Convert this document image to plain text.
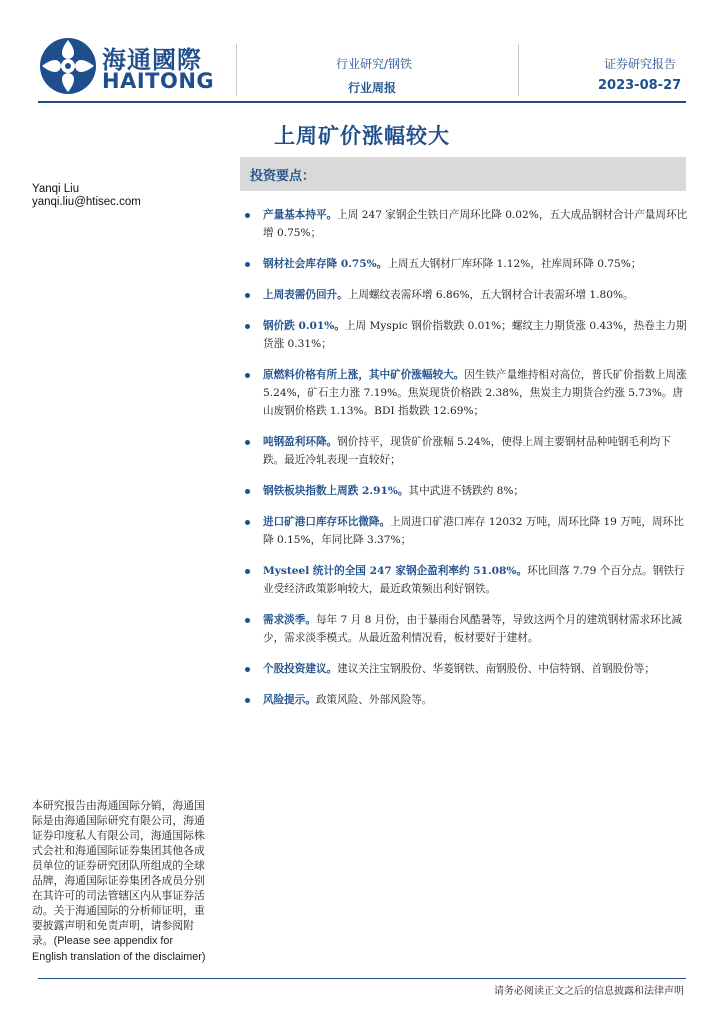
海通國際
HAITONG
行业研究/钢铁
行业周报
证券研究报告
2023-08-27
上周矿价涨幅较大
投资要点：
Yanqi Liu
yanqi.liu@htisec.com
产量基本持平。上周 247 家钢企生铁日产周环比降 0.02%，五大成品钢材合计产量周环比增 0.75%；
钢材社会库存降 0.75%。上周五大钢材厂库环降 1.12%，社库周环降 0.75%；
上周表需仍回升。上周螺纹表需环增 6.86%，五大钢材合计表需环增 1.80%。
钢价跌 0.01%。上周 Myspic 钢价指数跌 0.01%；螺纹主力期货涨 0.43%，热卷主力期货涨 0.31%；
原燃料价格有所上涨，其中矿价涨幅较大。因生铁产量维持相对高位，普氏矿价指数上周涨 5.24%，矿石主力涨 7.19%。焦炭现货价格跌 2.38%，焦炭主力期货合约涨 5.73%。唐山废钢价格跌 1.13%。BDI 指数跌 12.69%；
吨钢盈利环降。钢价持平，现货矿价涨幅 5.24%，使得上周主要钢材品种吨钢毛利均下跌。最近冷轧表现一直较好；
钢铁板块指数上周跌 2.91%。其中武进不锈跌约 8%；
进口矿港口库存环比微降。上周进口矿港口库存 12032 万吨，周环比降 19 万吨，周环比降 0.15%，年同比降 3.37%；
Mysteel 统计的全国 247 家钢企盈利率约 51.08%。环比回落 7.79 个百分点。钢铁行业受经济政策影响较大，最近政策频出利好钢铁。
需求淡季。每年 7 月 8 月份，由于暴雨台风酷暑等，导致这两个月的建筑钢材需求环比减少，需求淡季模式。从最近盈利情况看，板材要好于建材。
个股投资建议。建议关注宝钢股份、华菱钢铁、南钢股份、中信特钢、首钢股份等；
风险提示。政策风险、外部风险等。
本研究报告由海通国际分销，海通国际是由海通国际研究有限公司，海通证券印度私人有限公司，海通国际株式会社和海通国际证券集团其他各成员单位的证券研究团队所组成的全球品牌，海通国际证券集团各成员分别在其许可的司法管辖区内从事证券活动。关于海通国际的分析师证明，重要披露声明和免责声明，请参阅附录。(Please see appendix for English translation of the disclaimer)
请务必阅读正文之后的信息披露和法律声明
